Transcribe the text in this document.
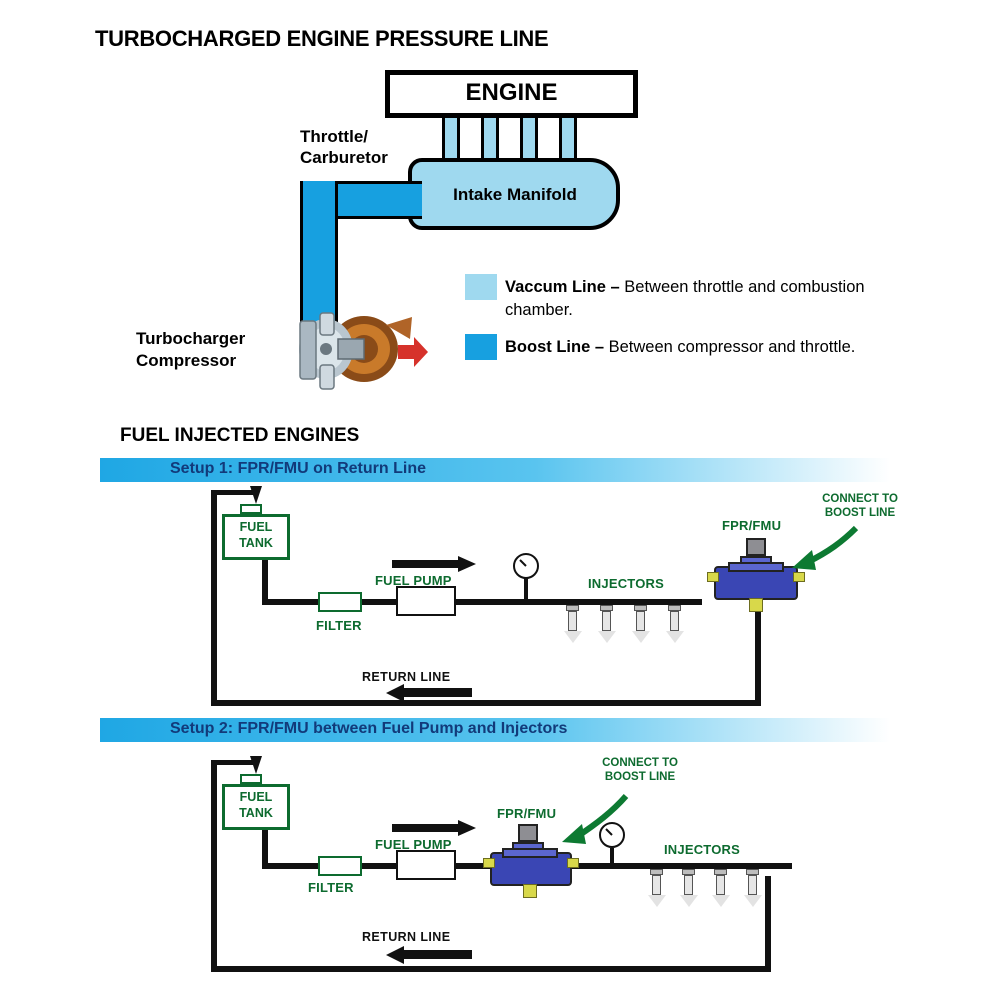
TURBOCHARGED ENGINE PRESSURE LINE
ENGINE
Intake Manifold
Throttle/
Carburetor
Turbocharger
Compressor
Vaccum Line – Between throttle and combustion chamber.
Boost Line – Between compressor and throttle.
FUEL INJECTED ENGINES
Setup 1: FPR/FMU on Return Line
FUEL
TANK
RETURN LINE
FILTER
FUEL PUMP	INJECTORS
FPR/FMU
CONNECT TO
BOOST LINE
Setup 2: FPR/FMU between Fuel Pump and Injectors
FUEL
TANK
RETURN LINE
FILTER
FUEL PUMP
FPR/FMU
CONNECT TO
BOOST LINE
INJECTORS
